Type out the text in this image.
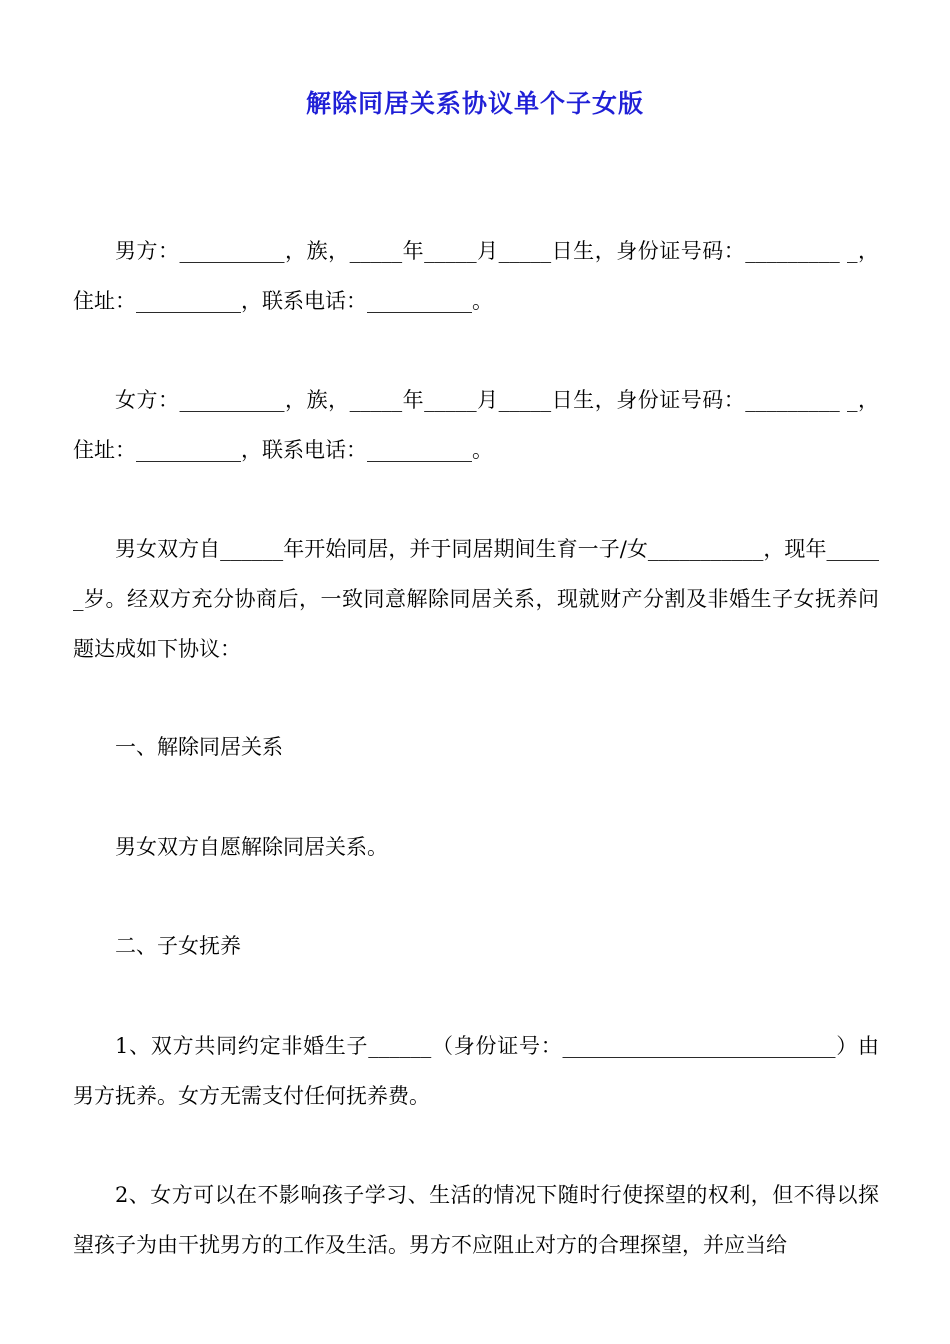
解除同居关系协议单个子女版
男方：__________，族，_____年_____月_____日生，身份证号码：_________ _，住址：__________，联系电话：__________。
女方：__________，族，_____年_____月_____日生，身份证号码：_________ _，住址：__________，联系电话：__________。
男女双方自______年开始同居，并于同居期间生育一子/女___________，现年______岁。经双方充分协商后，一致同意解除同居关系，现就财产分割及非婚生子女抚养问题达成如下协议：
一、解除同居关系
男女双方自愿解除同居关系。
二、子女抚养
1、双方共同约定非婚生子______（身份证号：__________________________）由男方抚养。女方无需支付任何抚养费。
2、女方可以在不影响孩子学习、生活的情况下随时行使探望的权利，但不得以探望孩子为由干扰男方的工作及生活。男方不应阻止对方的合理探望，并应当给
